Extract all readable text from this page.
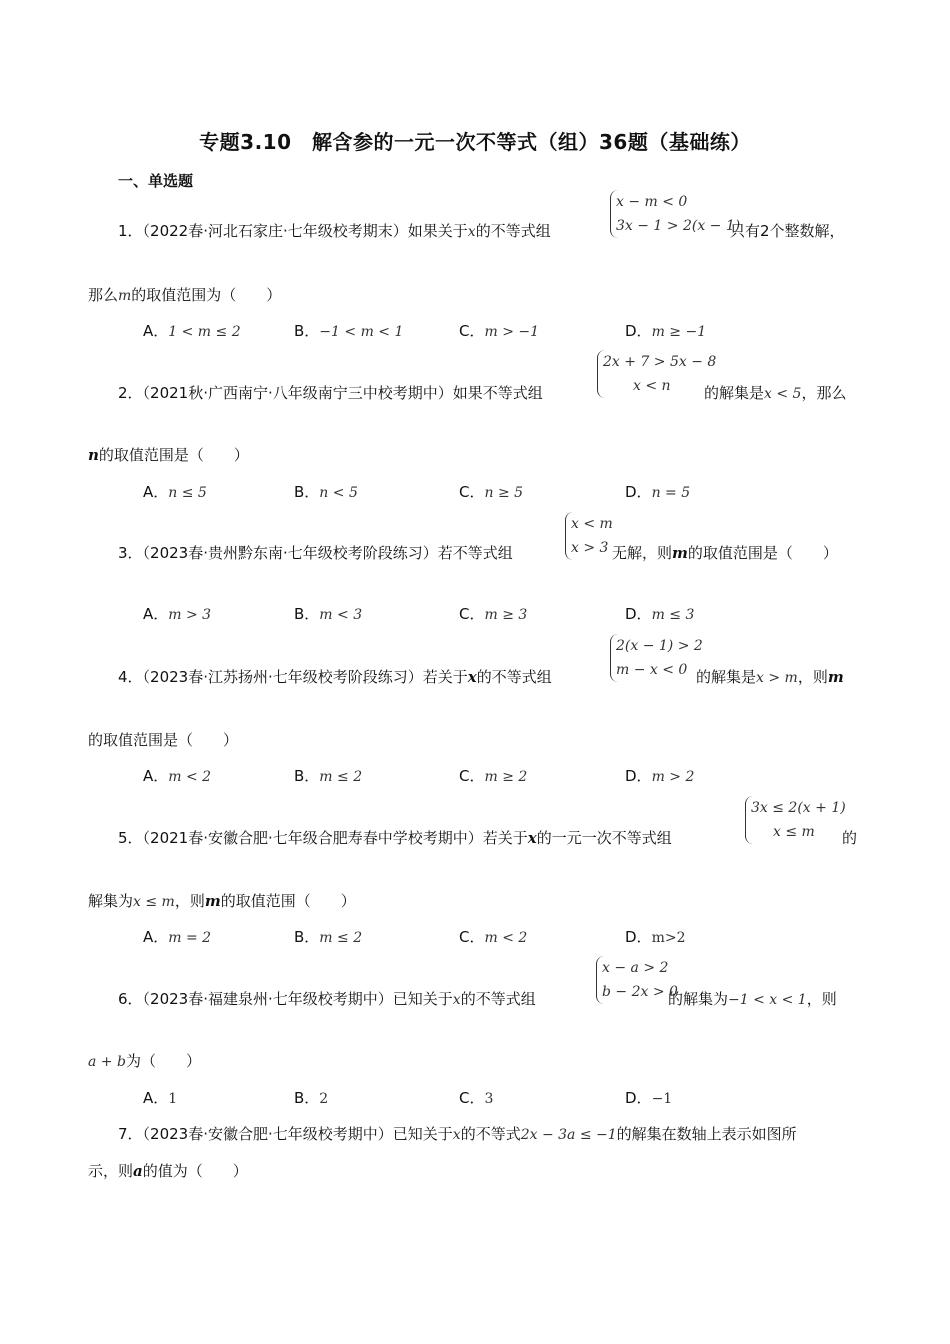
专题3.10　解含参的一元一次不等式（组）36题（基础练）
一、单选题
1．（2022春·河北石家庄·七年级校考期末）如果关于x的不等式组
x − m < 0
3x − 1 > 2(x − 1)
只有2个整数解，
那么m的取值范围为（　　）
A．1 < m ≤ 2	B．−1 < m < 1	C．m > −1	D．m ≥ −1
2．（2021秋·广西南宁·八年级南宁三中校考期中）如果不等式组
2x + 7 > 5x − 8
x < n	的解集是x < 5，那么
n的取值范围是（　　）
A．n ≤ 5	B．n < 5	C．n ≥ 5	D．n = 5
3．（2023春·贵州黔东南·七年级校考阶段练习）若不等式组
x < m
x > 3 无解，则m的取值范围是（　　）
A．m > 3	B．m < 3	C．m ≥ 3	D．m ≤ 3
4．（2023春·江苏扬州·七年级校考阶段练习）若关于x的不等式组
2(x − 1) > 2
m − x < 0 的解集是x > m，则m
的取值范围是（　　）
A．m < 2	B．m ≤ 2	C．m ≥ 2	D．m > 2
5．（2021春·安徽合肥·七年级合肥寿春中学校考期中）若关于x的一元一次不等式组
3x ≤ 2(x + 1)
x ≤ m	的
解集为x ≤ m，则m的取值范围（　　）
A．m = 2	B．m ≤ 2	C．m < 2	D．m>2
6．（2023春·福建泉州·七年级校考期中）已知关于x的不等式组
x − a > 2
b − 2x > 0
的解集为−1 < x < 1，则
a + b为（　　）
A．1	B．2	C．3	D．−1
7．（2023春·安徽合肥·七年级校考期中）已知关于x的不等式2x − 3a ≤ −1的解集在数轴上表示如图所
示，则a的值为（　　）
